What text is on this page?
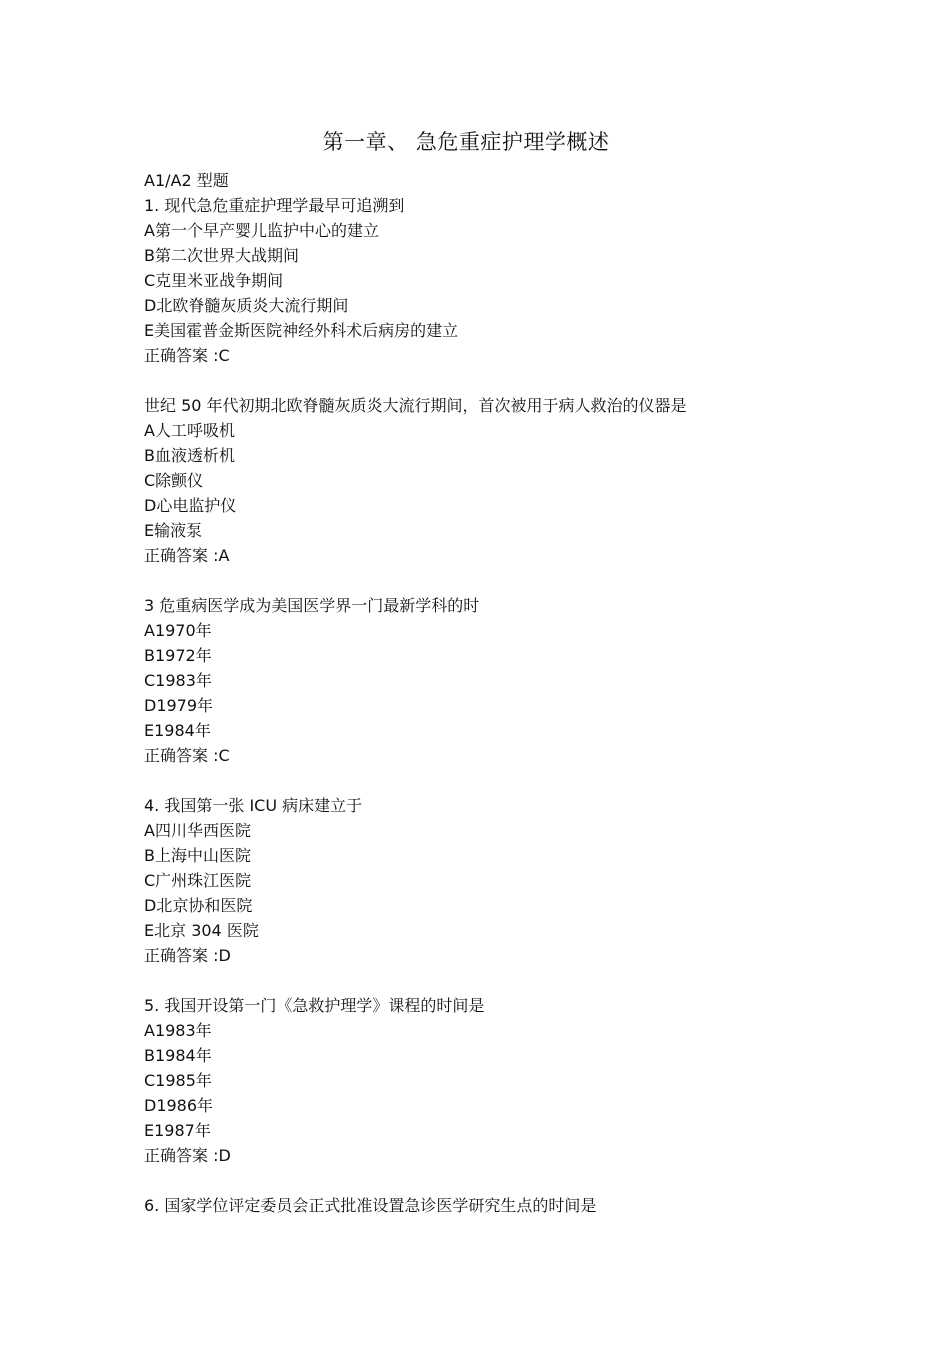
第一章、 急危重症护理学概述
A1/A2 型题
1. 现代急危重症护理学最早可追溯到
A第一个早产婴儿监护中心的建立
B第二次世界大战期间
C克里米亚战争期间
D北欧脊髓灰质炎大流行期间
E美国霍普金斯医院神经外科术后病房的建立
正确答案 :C
世纪 50 年代初期北欧脊髓灰质炎大流行期间，首次被用于病人救治的仪器是
A人工呼吸机
B血液透析机
C除颤仪
D心电监护仪
E输液泵
正确答案 :A
3 危重病医学成为美国医学界一门最新学科的时
A1970年
B1972年
C1983年
D1979年
E1984年
正确答案 :C
4. 我国第一张 ICU 病床建立于
A四川华西医院
B上海中山医院
C广州珠江医院
D北京协和医院
E北京 304 医院
正确答案 :D
5. 我国开设第一门《急救护理学》课程的时间是
A1983年
B1984年
C1985年
D1986年
E1987年
正确答案 :D
6. 国家学位评定委员会正式批准设置急诊医学研究生点的时间是
